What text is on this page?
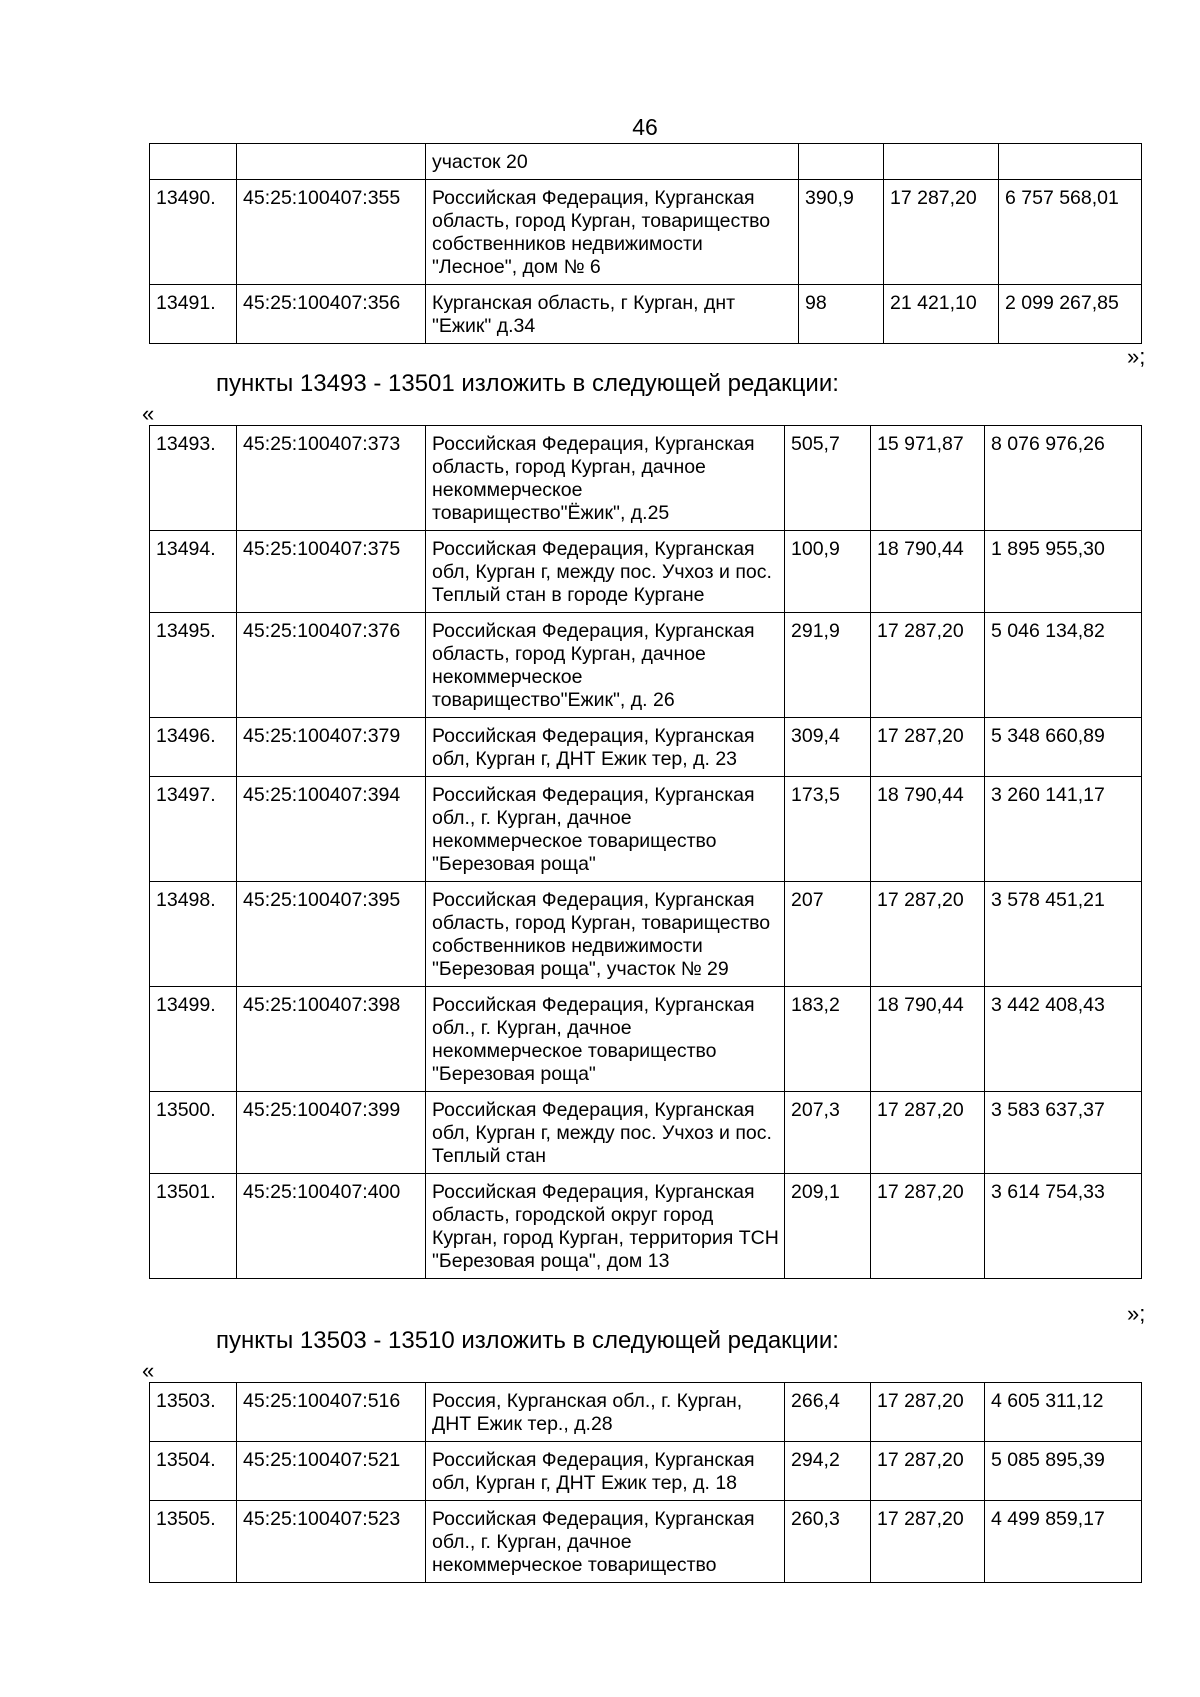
46
		участок 20			
13490.	45:25:100407:355	Российская Федерация, Курганская область, город Курган, товарищество собственников недвижимости "Лесное", дом № 6	390,9	17 287,20	6 757 568,01
13491.	45:25:100407:356	Курганская область, г Курган, днт "Ежик" д.34	98	21 421,10	2 099 267,85
»;
пункты 13493 - 13501 изложить в следующей редакции:
«
13493.	45:25:100407:373	Российская Федерация, Курганская область, город Курган, дачное некоммерческое товарищество"Ёжик", д.25	505,7	15 971,87	8 076 976,26
13494.	45:25:100407:375	Российская Федерация, Курганская обл, Курган г, между пос. Учхоз и пос. Теплый стан в городе Кургане	100,9	18 790,44	1 895 955,30
13495.	45:25:100407:376	Российская Федерация, Курганская область, город Курган, дачное некоммерческое товарищество"Ежик", д. 26	291,9	17 287,20	5 046 134,82
13496.	45:25:100407:379	Российская Федерация, Курганская обл, Курган г, ДНТ Ежик тер, д. 23	309,4	17 287,20	5 348 660,89
13497.	45:25:100407:394	Российская Федерация, Курганская обл., г. Курган, дачное некоммерческое товарищество "Березовая роща"	173,5	18 790,44	3 260 141,17
13498.	45:25:100407:395	Российская Федерация, Курганская область, город Курган, товарищество собственников недвижимости "Березовая роща", участок № 29	207	17 287,20	3 578 451,21
13499.	45:25:100407:398	Российская Федерация, Курганская обл., г. Курган, дачное некоммерческое товарищество "Березовая роща"	183,2	18 790,44	3 442 408,43
13500.	45:25:100407:399	Российская Федерация, Курганская обл, Курган г, между пос. Учхоз и пос. Теплый стан	207,3	17 287,20	3 583 637,37
13501.	45:25:100407:400	Российская Федерация, Курганская область, городской округ город Курган, город Курган, территория ТСН "Березовая роща", дом 13	209,1	17 287,20	3 614 754,33
»;
пункты 13503 - 13510 изложить в следующей редакции:
«
13503.	45:25:100407:516	Россия, Курганская обл., г. Курган, ДНТ Ежик тер., д.28	266,4	17 287,20	4 605 311,12
13504.	45:25:100407:521	Российская Федерация, Курганская обл, Курган г, ДНТ Ежик тер, д. 18	294,2	17 287,20	5 085 895,39
13505.	45:25:100407:523	Российская Федерация, Курганская обл., г. Курган, дачное некоммерческое товарищество	260,3	17 287,20	4 499 859,17
